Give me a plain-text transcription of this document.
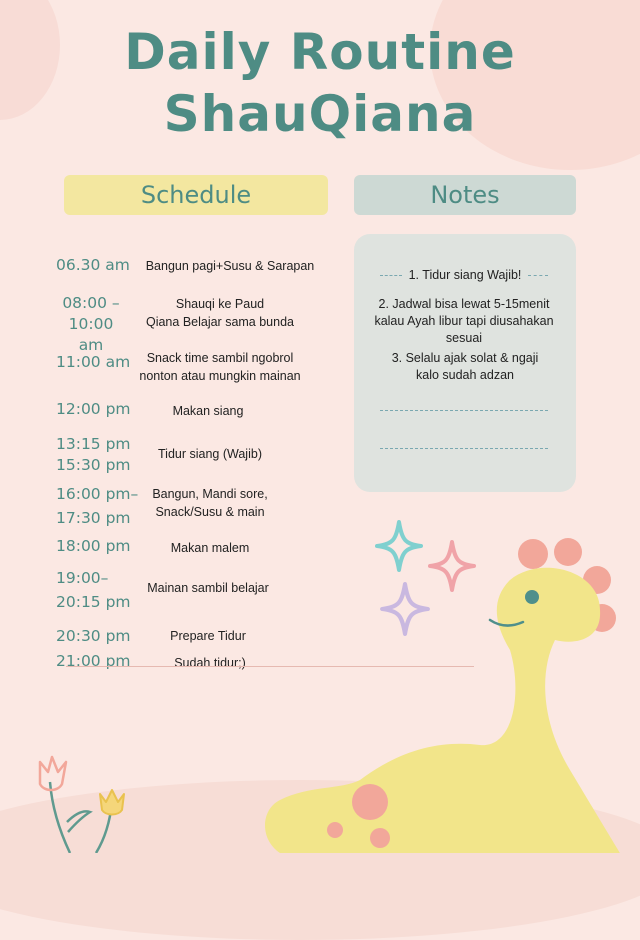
Daily Routine
ShauQiana
Schedule	Notes
06.30 am
08:00 –
10:00 am
11:00 am
12:00 pm
13:15 pm
15:30 pm
16:00 pm–
17:30 pm
18:00 pm
19:00–
20:15 pm
20:30 pm
21:00 pm
Bangun pagi+Susu & Sarapan
Shauqi ke Paud
Qiana Belajar sama bunda
Snack time sambil ngobrol
nonton atau mungkin mainan
Makan siang
Tidur siang (Wajib)
Bangun, Mandi sore,
Snack/Susu & main
Makan malem
Mainan sambil belajar
Prepare Tidur
Sudah tidur;)
1. Tidur siang Wajib!
2. Jadwal bisa lewat 5-15menit kalau Ayah libur tapi diusahakan sesuai
3. Selalu ajak solat & ngaji kalo sudah adzan
